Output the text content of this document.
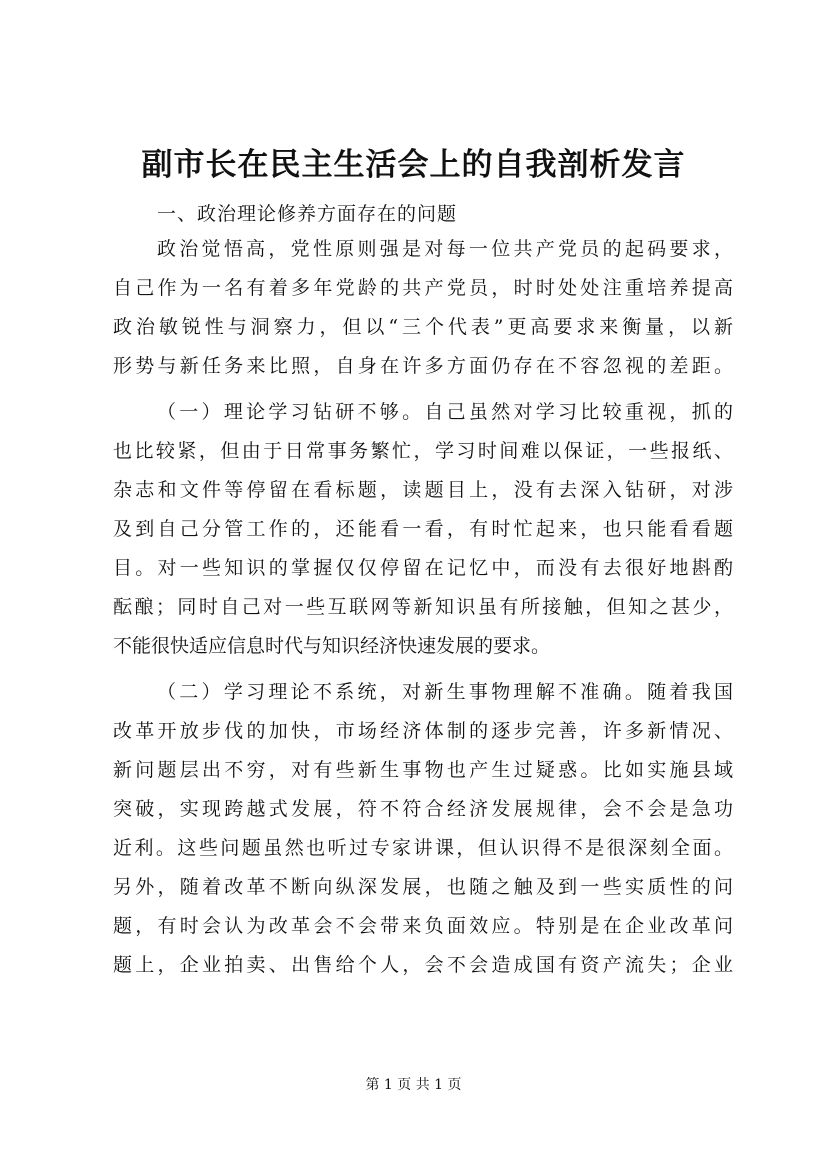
副市长在民主生活会上的自我剖析发言
一、政治理论修养方面存在的问题
政治觉悟高，党性原则强是对每一位共产党员的起码要求，
自己作为一名有着多年党龄的共产党员，时时处处注重培养提高
政治敏锐性与洞察力，但以“三个代表”更高要求来衡量，以新
形势与新任务来比照，自身在许多方面仍存在不容忽视的差距。
（一）理论学习钻研不够。自己虽然对学习比较重视，抓的
也比较紧，但由于日常事务繁忙，学习时间难以保证，一些报纸、
杂志和文件等停留在看标题，读题目上，没有去深入钻研，对涉
及到自己分管工作的，还能看一看，有时忙起来，也只能看看题
目。对一些知识的掌握仅仅停留在记忆中，而没有去很好地斟酌
酝酿；同时自己对一些互联网等新知识虽有所接触，但知之甚少，
不能很快适应信息时代与知识经济快速发展的要求。
（二）学习理论不系统，对新生事物理解不准确。随着我国
改革开放步伐的加快，市场经济体制的逐步完善，许多新情况、
新问题层出不穷，对有些新生事物也产生过疑惑。比如实施县域
突破，实现跨越式发展，符不符合经济发展规律，会不会是急功
近利。这些问题虽然也听过专家讲课，但认识得不是很深刻全面。
另外，随着改革不断向纵深发展，也随之触及到一些实质性的问
题，有时会认为改革会不会带来负面效应。特别是在企业改革问
题上，企业拍卖、出售给个人，会不会造成国有资产流失；企业
第 1 页 共 1 页
